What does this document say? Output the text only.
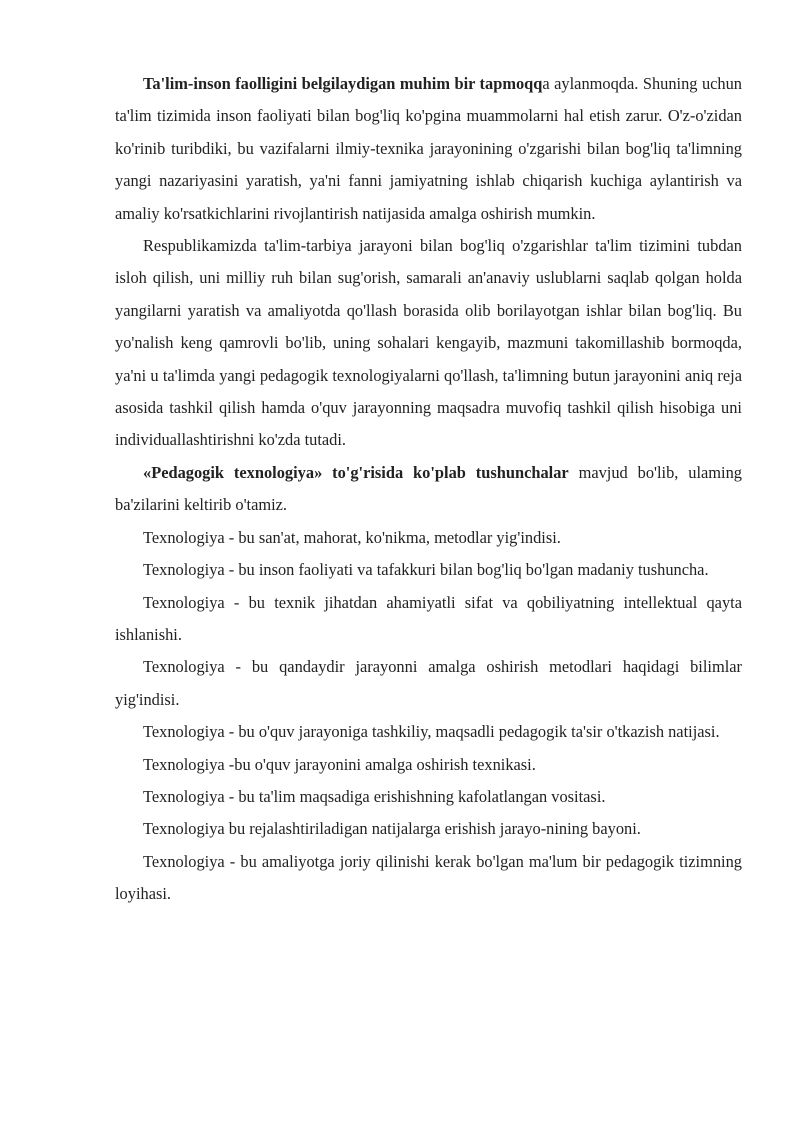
Ta'lim-inson faolligini belgilaydigan muhim bir tapmoqqa aylanmoqda. Shuning uchun ta'lim tizimida inson faoliyati bilan bog'liq ko'pgina muammolarni hal etish zarur. O'z-o'zidan ko'rinib turibdiki, bu vazifalarni ilmiy-texnika jarayonining o'zgarishi bilan bog'liq ta'limning yangi nazariyasini yaratish, ya'ni fanni jamiyatning ishlab chiqarish kuchiga aylantirish va amaliy ko'rsatkichlarini rivojlantirish natijasida amalga oshirish mumkin.

Respublikamizda ta'lim-tarbiya jarayoni bilan bog'liq o'zgarishlar ta'lim tizimini tubdan isloh qilish, uni milliy ruh bilan sug'orish, samarali an'anaviy uslublarni saqlab qolgan holda yangilarni yaratish va amaliyotda qo'llash borasida olib borilayotgan ishlar bilan bog'liq. Bu yo'nalish keng qamrovli bo'lib, uning sohalari kengayib, mazmuni takomillashib bormoqda, ya'ni u ta'limda yangi pedagogik texnologiyalarni qo'llash, ta'limning butun jarayonini aniq reja asosida tashkil qilish hamda o'quv jarayonning maqsadra muvofiq tashkil qilish hisobiga uni individuallashtirishni ko'zda tutadi.

«Pedagogik texnologiya» to'g'risida ko'plab tushunchalar mavjud bo'lib, ulaming ba'zilarini keltirib o'tamiz.

Texnologiya - bu san'at, mahorat, ko'nikma, metodlar yig'indisi.

Texnologiya - bu inson faoliyati va tafakkuri bilan bog'liq bo'lgan madaniy tushuncha.

Texnologiya - bu texnik jihatdan ahamiyatli sifat va qobiliyatning intellektual qayta ishlanishi.

Texnologiya - bu qandaydir jarayonni amalga oshirish metodlari haqidagi bilimlar yig'indisi.

Texnologiya - bu o'quv jarayoniga tashkiliy, maqsadli pedagogik ta'sir o'tkazish natijasi.

Texnologiya -bu o'quv jarayonini amalga oshirish texnikasi.

Texnologiya - bu ta'lim maqsadiga erishishning kafolatlangan vositasi.

Texnologiya bu rejalashtiriladigan natijalarga erishish jarayo-nining bayoni.

Texnologiya - bu amaliyotga joriy qilinishi kerak bo'lgan ma'lum bir pedagogik tizimning loyihasi.
